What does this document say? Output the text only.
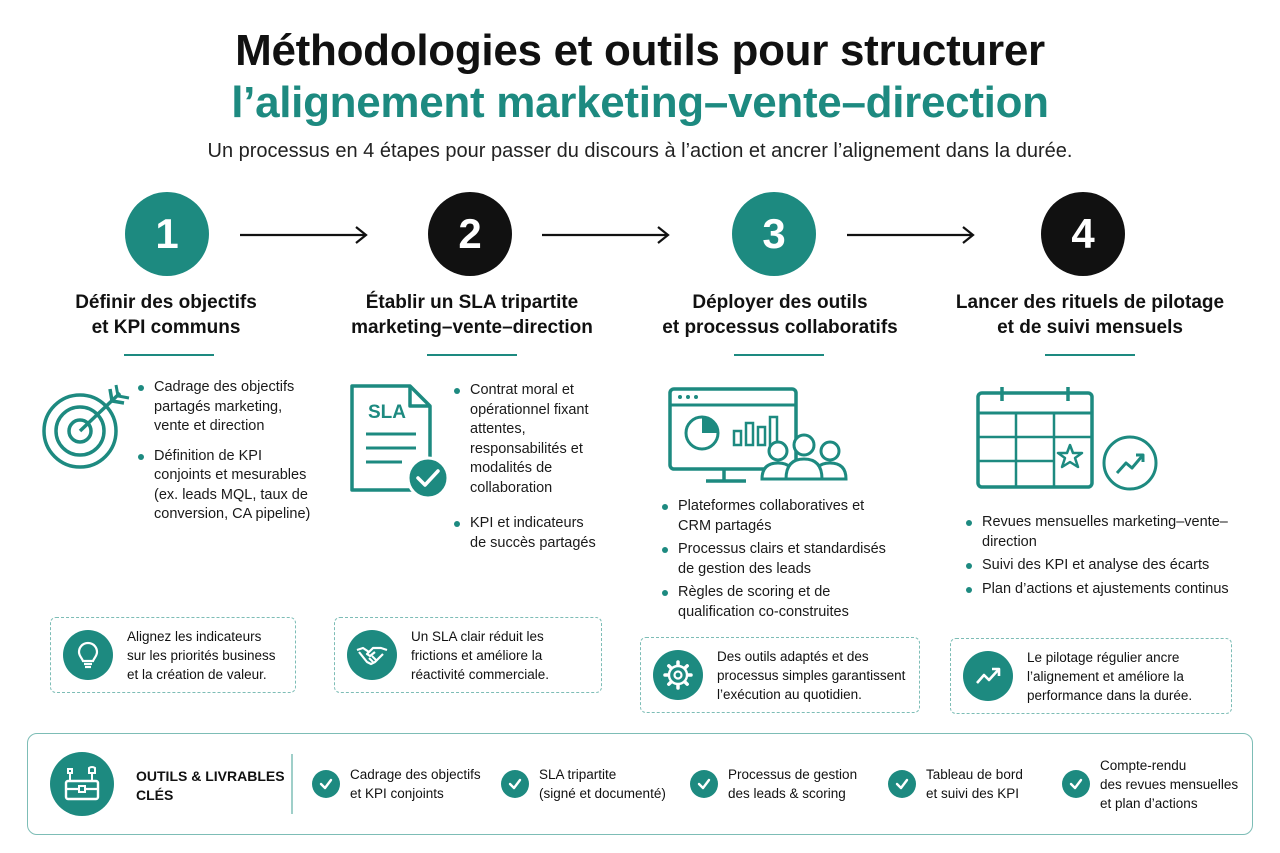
Méthodologies et outils pour structurer
l’alignement marketing–vente–direction
Un processus en 4 étapes pour passer du discours à l’action et ancrer l’alignement dans la durée.
1	2	3	4
Définir des objectifs
et KPI communs
Établir un SLA tripartite
marketing–vente–direction
Déployer des outils
et processus collaboratifs
Lancer des rituels de pilotage
et de suivi mensuels
Cadrage des objectifs partagés marketing, vente et direction
Définition de KPI conjoints et mesurables (ex. leads MQL, taux de conversion, CA pipeline)
SLA
Contrat moral et opérationnel fixant attentes, responsabilités et modalités de collaboration
KPI et indicateurs de succès partagés
Plateformes collaboratives et CRM partagés
Processus clairs et standardisés de gestion des leads
Règles de scoring et de qualification co-construites
Revues mensuelles marketing–vente–direction
Suivi des KPI et analyse des écarts
Plan d’actions et ajustements continus
Alignez les indicateurs sur les priorités business et la création de valeur.
Un SLA clair réduit les frictions et améliore la réactivité commerciale.
Des outils adaptés et des processus simples garantissent l’exécution au quotidien.
Le pilotage régulier ancre l’alignement et améliore la performance dans la durée.
OUTILS & LIVRABLES
CLÉS
Cadrage des objectifs
et KPI conjoints
SLA tripartite
(signé et documenté)
Processus de gestion
des leads & scoring
Tableau de bord
et suivi des KPI
Compte-rendu
des revues mensuelles
et plan d’actions
